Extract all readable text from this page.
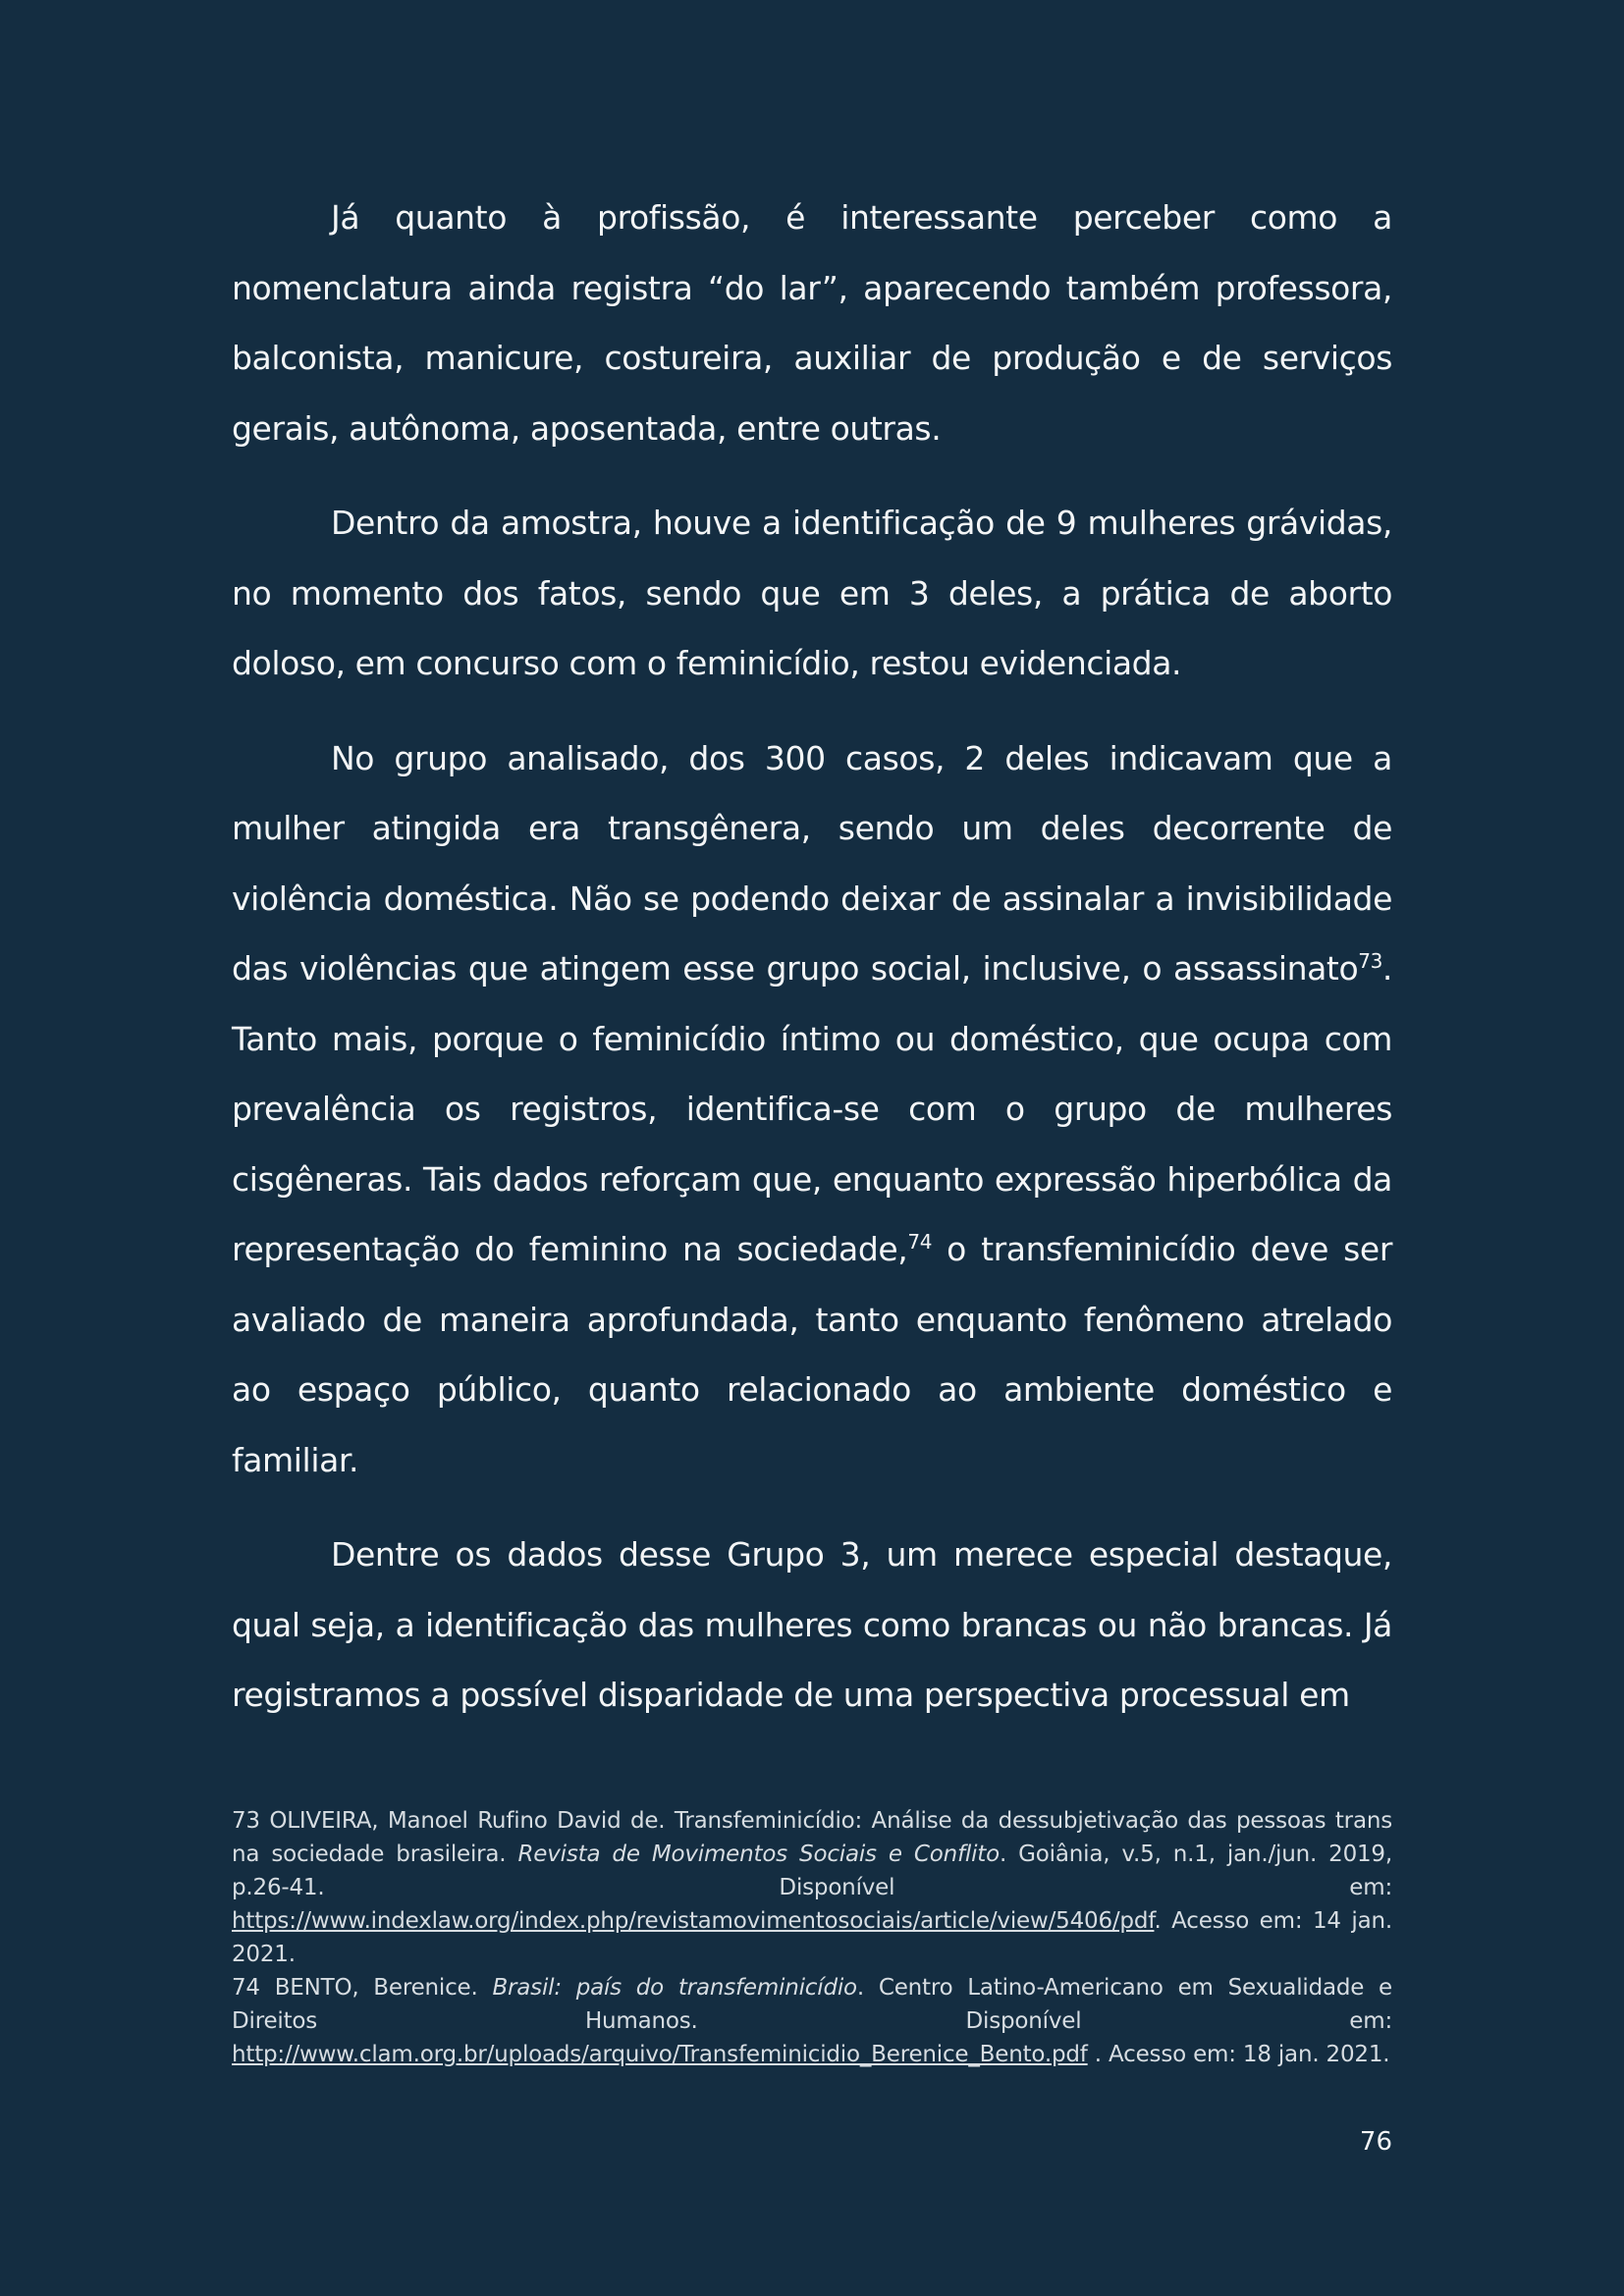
Já quanto à profissão, é interessante perceber como a nomenclatura ainda registra “do lar”, aparecendo também professora, balconista, manicure, costureira, auxiliar de produção e de serviços gerais, autônoma, aposentada, entre outras.

Dentro da amostra, houve a identificação de 9 mulheres grávidas, no momento dos fatos, sendo que em 3 deles, a prática de aborto doloso, em concurso com o feminicídio, restou evidenciada.

No grupo analisado, dos 300 casos, 2 deles indicavam que a mulher atingida era transgênera, sendo um deles decorrente de violência doméstica. Não se podendo deixar de assinalar a invisibilidade das violências que atingem esse grupo social, inclusive, o assassinato$^{73}$. Tanto mais, porque o feminicídio íntimo ou doméstico, que ocupa com prevalência os registros, identifica-se com o grupo de mulheres cisgêneras. Tais dados reforçam que, enquanto expressão hiperbólica da representação do feminino na sociedade,$^{74}$ o transfeminicídio deve ser avaliado de maneira aprofundada, tanto enquanto fenômeno atrelado ao espaço público, quanto relacionado ao ambiente doméstico e familiar.

Dentre os dados desse Grupo 3, um merece especial destaque, qual seja, a identificação das mulheres como brancas ou não brancas. Já registramos a possível disparidade de uma perspectiva processual em

73 OLIVEIRA, Manoel Rufino David de. Transfeminicídio: Análise da dessubjetivação das pessoas trans na sociedade brasileira. Revista de Movimentos Sociais e Conflito. Goiânia, v.5, n.1, jan./jun. 2019, p.26-41. Disponível em: https://www.indexlaw.org/index.php/revistamovimentosociais/article/view/5406/pdf. Acesso em: 14 jan. 2021.

74 BENTO, Berenice. Brasil: país do transfeminicídio. Centro Latino-Americano em Sexualidade e Direitos Humanos. Disponível em: http://www.clam.org.br/uploads/arquivo/Transfeminicidio_Berenice_Bento.pdf . Acesso em: 18 jan. 2021.

76
